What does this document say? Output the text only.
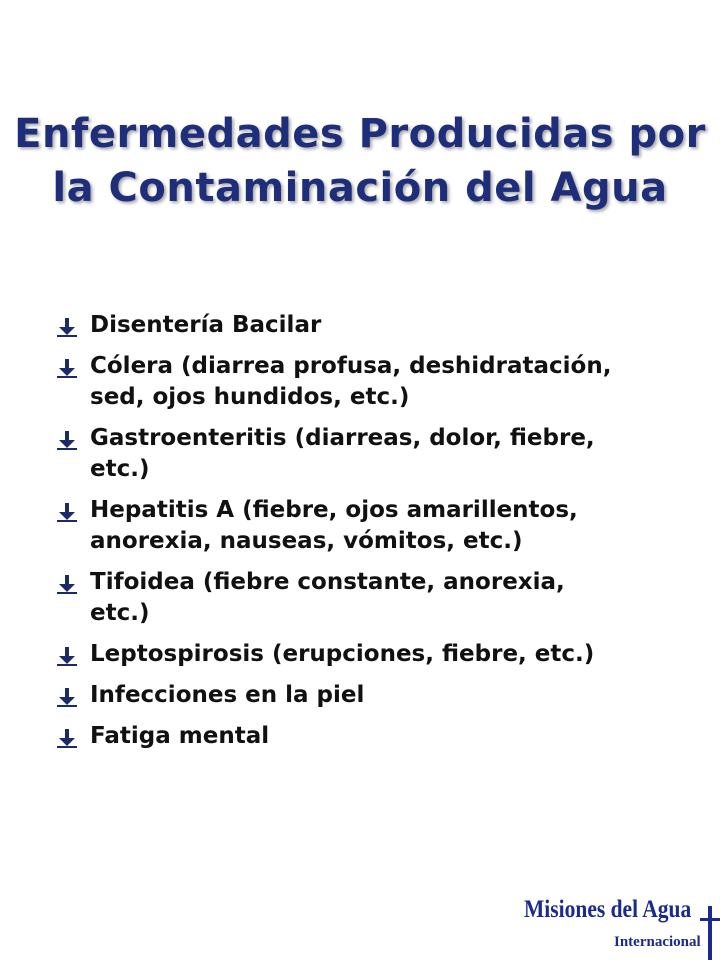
Enfermedades Producidas por
la Contaminación del Agua
Disentería Bacilar
Cólera (diarrea profusa, deshidratación,
sed, ojos hundidos, etc.)
Gastroenteritis (diarreas, dolor, fiebre,
etc.)
Hepatitis A (fiebre, ojos amarillentos,
anorexia, nauseas, vómitos, etc.)
Tifoidea (fiebre constante, anorexia,
etc.)
Leptospirosis (erupciones, fiebre, etc.)
Infecciones en la piel
Fatiga mental
Misiones del Agua
Internacional
